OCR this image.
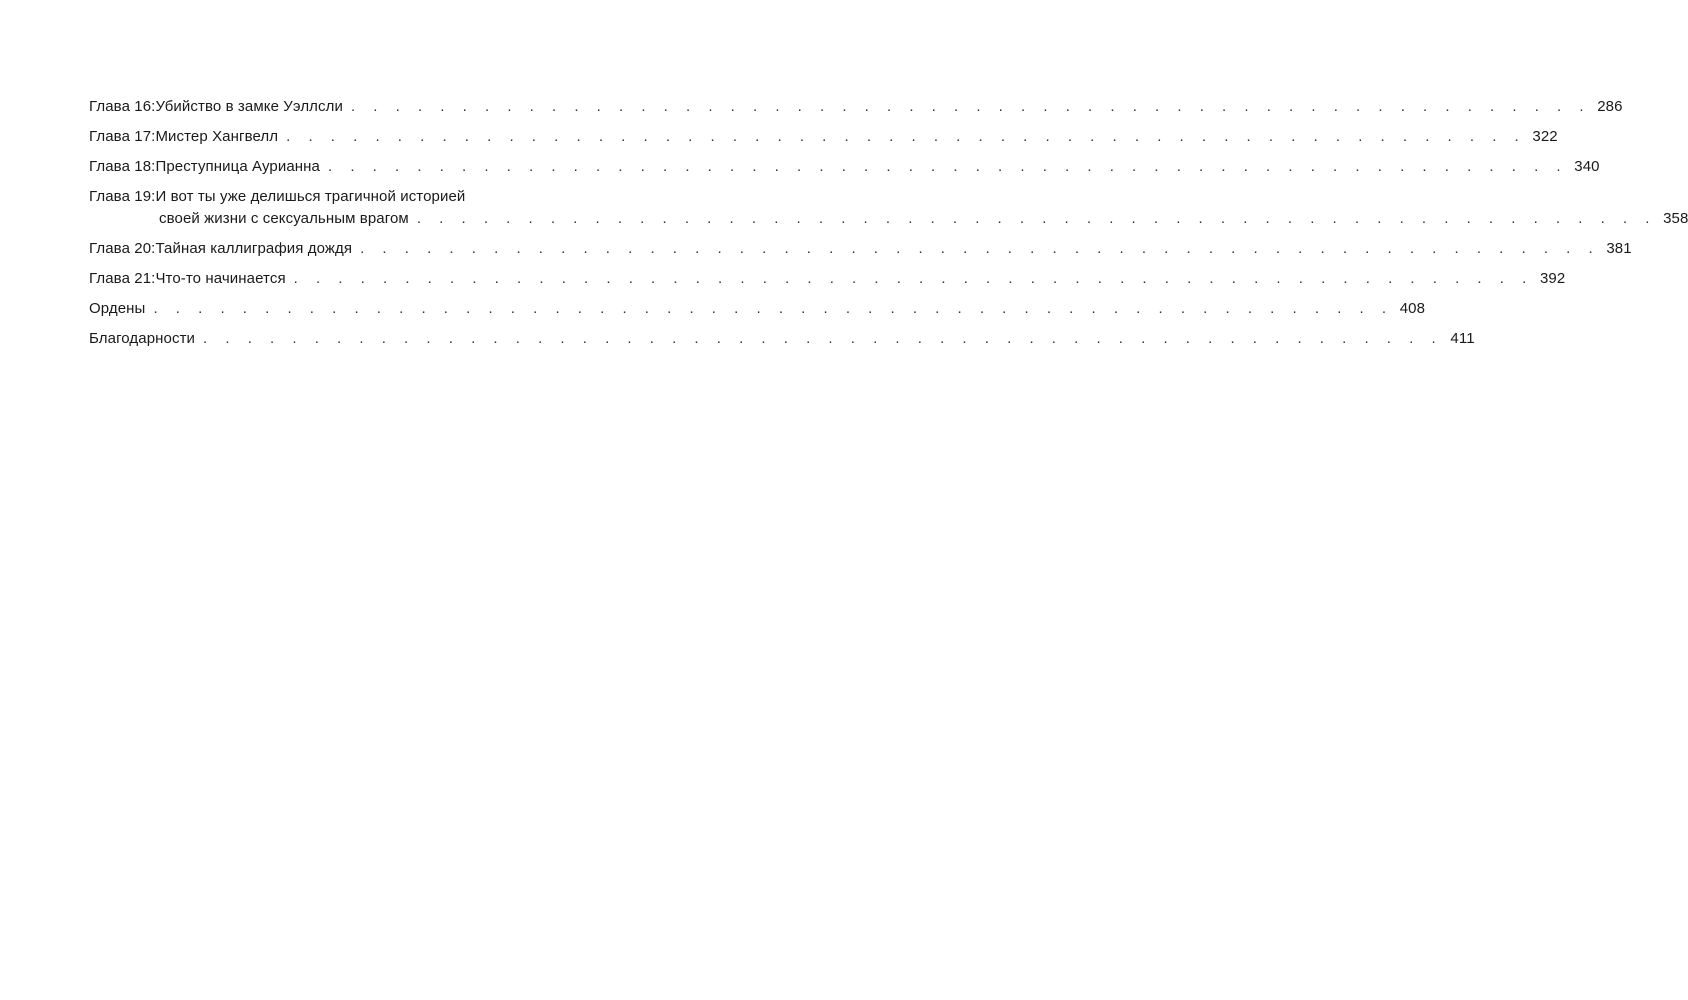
Глава 16: Убийство в замке Уэллсли . . . . . . . . . . . . . . . . . . . . . . . . . . . . . . . . . . . . . . . . . . . . . . . . . . . . . . . . 286
Глава 17: Мистер Хангвелл . . . . . . . . . . . . . . . . . . . . . . . . . . . . . . . . . . . . . . . . . . . . . . . . . . . . . . . . 322
Глава 18: Преступница Аурианна . . . . . . . . . . . . . . . . . . . . . . . . . . . . . . . . . . . . . . . . . . . . . . . . . . . . . . . . 340
Глава 19: И вот ты уже делишься трагичной историей
своей жизни с сексуальным врагом . . . . . . . . . . . . . . . . . . . . . . . . . . . . . . . . . . . . . . . . . . . . . . . . . . . . . . . . 358
Глава 20: Тайная каллиграфия дождя . . . . . . . . . . . . . . . . . . . . . . . . . . . . . . . . . . . . . . . . . . . . . . . . . . . . . . . . 381
Глава 21: Что-то начинается . . . . . . . . . . . . . . . . . . . . . . . . . . . . . . . . . . . . . . . . . . . . . . . . . . . . . . . . 392
Ордены . . . . . . . . . . . . . . . . . . . . . . . . . . . . . . . . . . . . . . . . . . . . . . . . . . . . . . . . 408
Благодарности . . . . . . . . . . . . . . . . . . . . . . . . . . . . . . . . . . . . . . . . . . . . . . . . . . . . . . . . 411
